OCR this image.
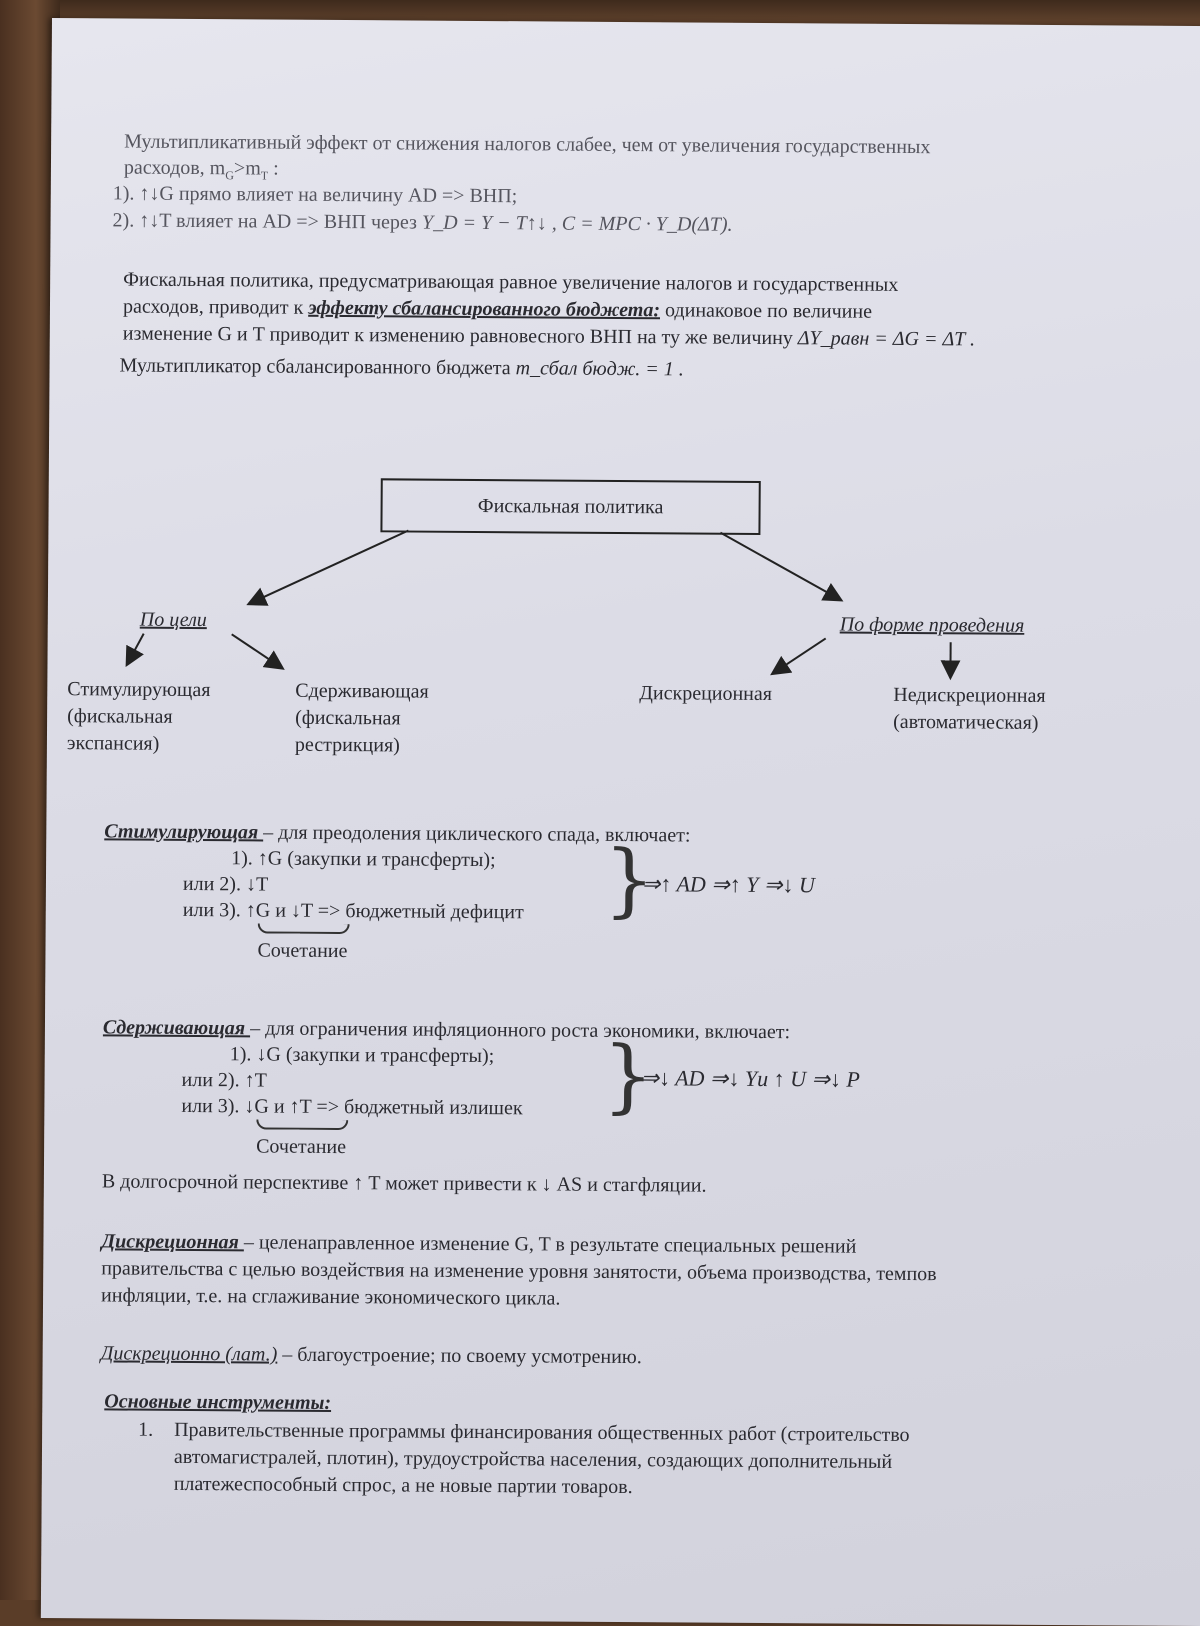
Мультипликативный эффект от снижения налогов слабее, чем от увеличения государственных
расходов, $m_G>m_T$ :
1). ↑↓G прямо влияет на величину AD => ВНП;
2). ↑↓T влияет на AD => ВНП через Y_D = Y − T↑↓ , C = MPC · Y_D(ΔT).
Фискальная политика, предусматривающая равное увеличение налогов и государственных
расходов, приводит к эффекту сбалансированного бюджета: одинаковое по величине
изменение G и T приводит к изменению равновесного ВНП на ту же величину ΔY_равн = ΔG = ΔT .
Мультипликатор сбалансированного бюджета m_сбал бюдж. = 1 .
Фискальная политика
По цели	По форме проведения
Стимулирующая
(фискальная
экспансия)
Сдерживающая
(фискальная
рестрикция)
Дискреционная	Недискреционная
(автоматическая)
Стимулирующая – для преодоления циклического спада, включает:
1). ↑G (закупки и трансферты);
или 2). ↓T
или 3). ↑G и ↓T => бюджетный дефицит }
Сочетание
⇒↑ AD ⇒↑ Y ⇒↓ U
Сдерживающая – для ограничения инфляционного роста экономики, включает:
1). ↓G (закупки и трансферты);
или 2). ↑T
или 3). ↓G и ↑T => бюджетный излишек }
Сочетание
⇒↓ AD ⇒↓ Yи ↑ U ⇒↓ P
В долгосрочной перспективе ↑ T может привести к ↓ AS и стагфляции.
Дискреционная – целенаправленное изменение G, T в результате специальных решений
правительства с целью воздействия на изменение уровня занятости, объема производства, темпов
инфляции, т.е. на сглаживание экономического цикла.
Дискреционно (лат.) – благоустроение; по своему усмотрению.
Основные инструменты:
1. Правительственные программы финансирования общественных работ (строительство
автомагистралей, плотин), трудоустройства населения, создающих дополнительный
платежеспособный спрос, а не новые партии товаров.
